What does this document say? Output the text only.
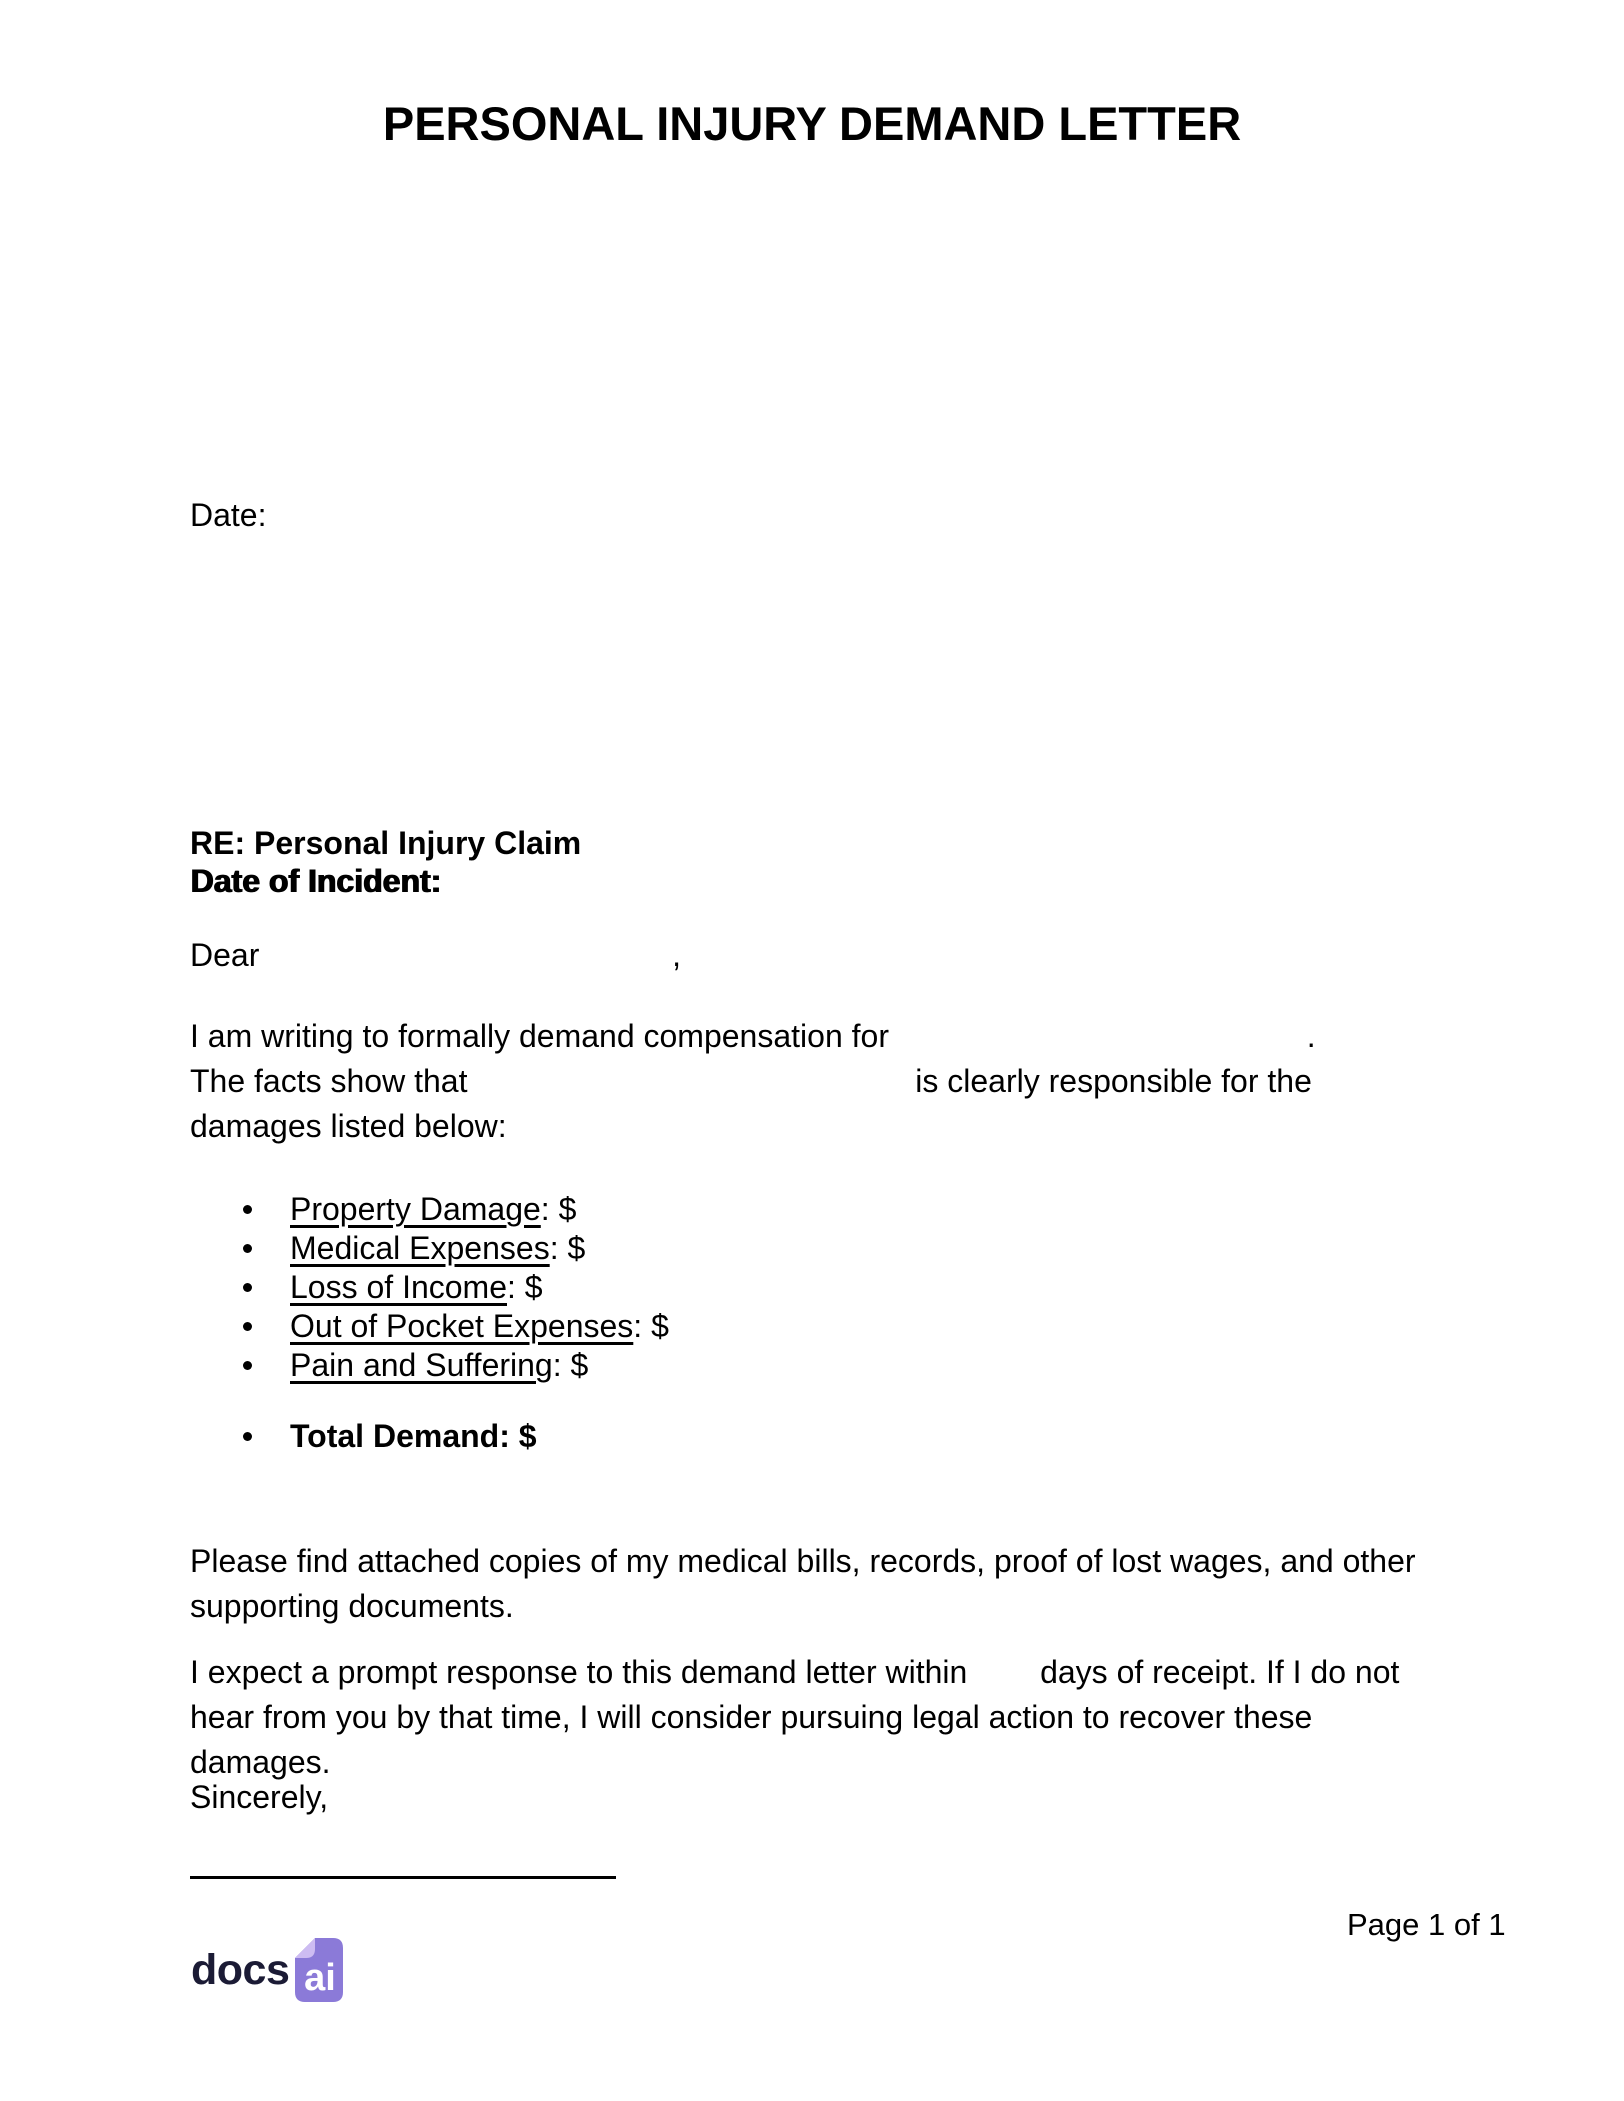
PERSONAL INJURY DEMAND LETTER
Date:
RE: Personal Injury Claim
Date of Incident:
Dear	,
I am writing to formally demand compensation for	.
The facts show that	is clearly responsible for the
damages listed below:
Property Damage: $
Medical Expenses: $
Loss of Income: $
Out of Pocket Expenses: $
Pain and Suffering: $
Total Demand: $
Please find attached copies of my medical bills, records, proof of lost wages, and other
supporting documents.
I expect a prompt response to this demand letter within days of receipt. If I do not
hear from you by that time, I will consider pursuing legal action to recover these
damages.
Sincerely,
Page 1 of 1
docs ai
